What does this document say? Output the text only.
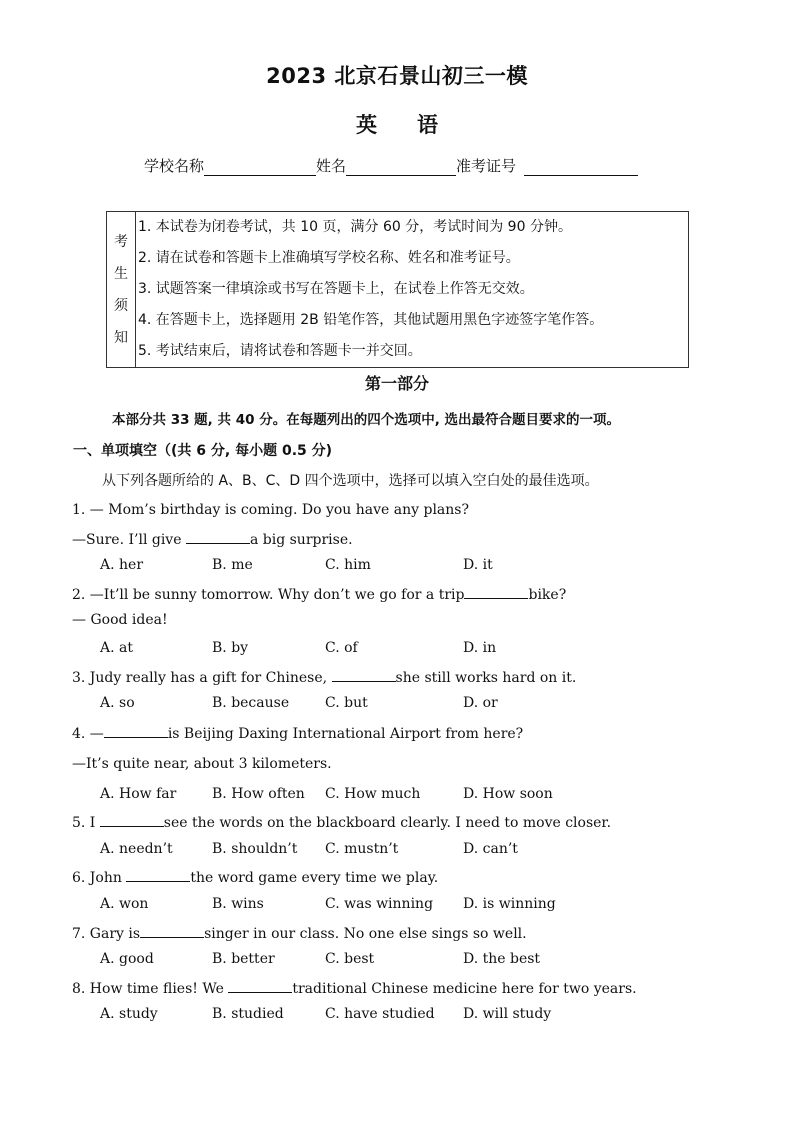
2023 北京石景山初三一模
英语
学校名称	姓名	准考证号
考
生
须
知

1. 本试卷为闭卷考试，共 10 页，满分 60 分，考试时间为 90 分钟。
2. 请在试卷和答题卡上准确填写学校名称、姓名和准考证号。
3. 试题答案一律填涂或书写在答题卡上，在试卷上作答无交效。
4. 在答题卡上，选择题用 2B 铅笔作答，其他试题用黑色字迹签字笔作答。
5. 考试结束后，请将试卷和答题卡一并交回。
第一部分
本部分共 33 题, 共 40 分。在每题列出的四个选项中, 选出最符合题目要求的一项。
一、单项填空（(共 6 分, 每小题 0.5 分)
从下列各题所给的 A、B、C、D 四个选项中，选择可以填入空白处的最佳选项。
1. — Mom’s birthday is coming. Do you have any plans?
—Sure. I’ll give	a big surprise.
A. her	B. me	C. him	D. it
2. —It’ll be sunny tomorrow. Why don’t we go for a trip	bike?
— Good idea!
A. at	B. by	C. of	D. in
3. Judy really has a gift for Chinese,	she still works hard on it.
A. so	B. because	C. but	D. or
4. —	is Beijing Daxing International Airport from here?
—It’s quite near, about 3 kilometers.
A. How far	B. How often C. How much	D. How soon
5. I	see the words on the blackboard clearly. I need to move closer.
A. needn’t	B. shouldn’t C. mustn’t	D. can’t
6. John	the word game every time we play.
A. won	B. wins	C. was winning D. is winning
7. Gary is	singer in our class. No one else sings so well.
A. good	B. better	C. best	D. the best
8. How time flies! We	traditional Chinese medicine here for two years.
A. study	B. studied	C. have studied D. will study
